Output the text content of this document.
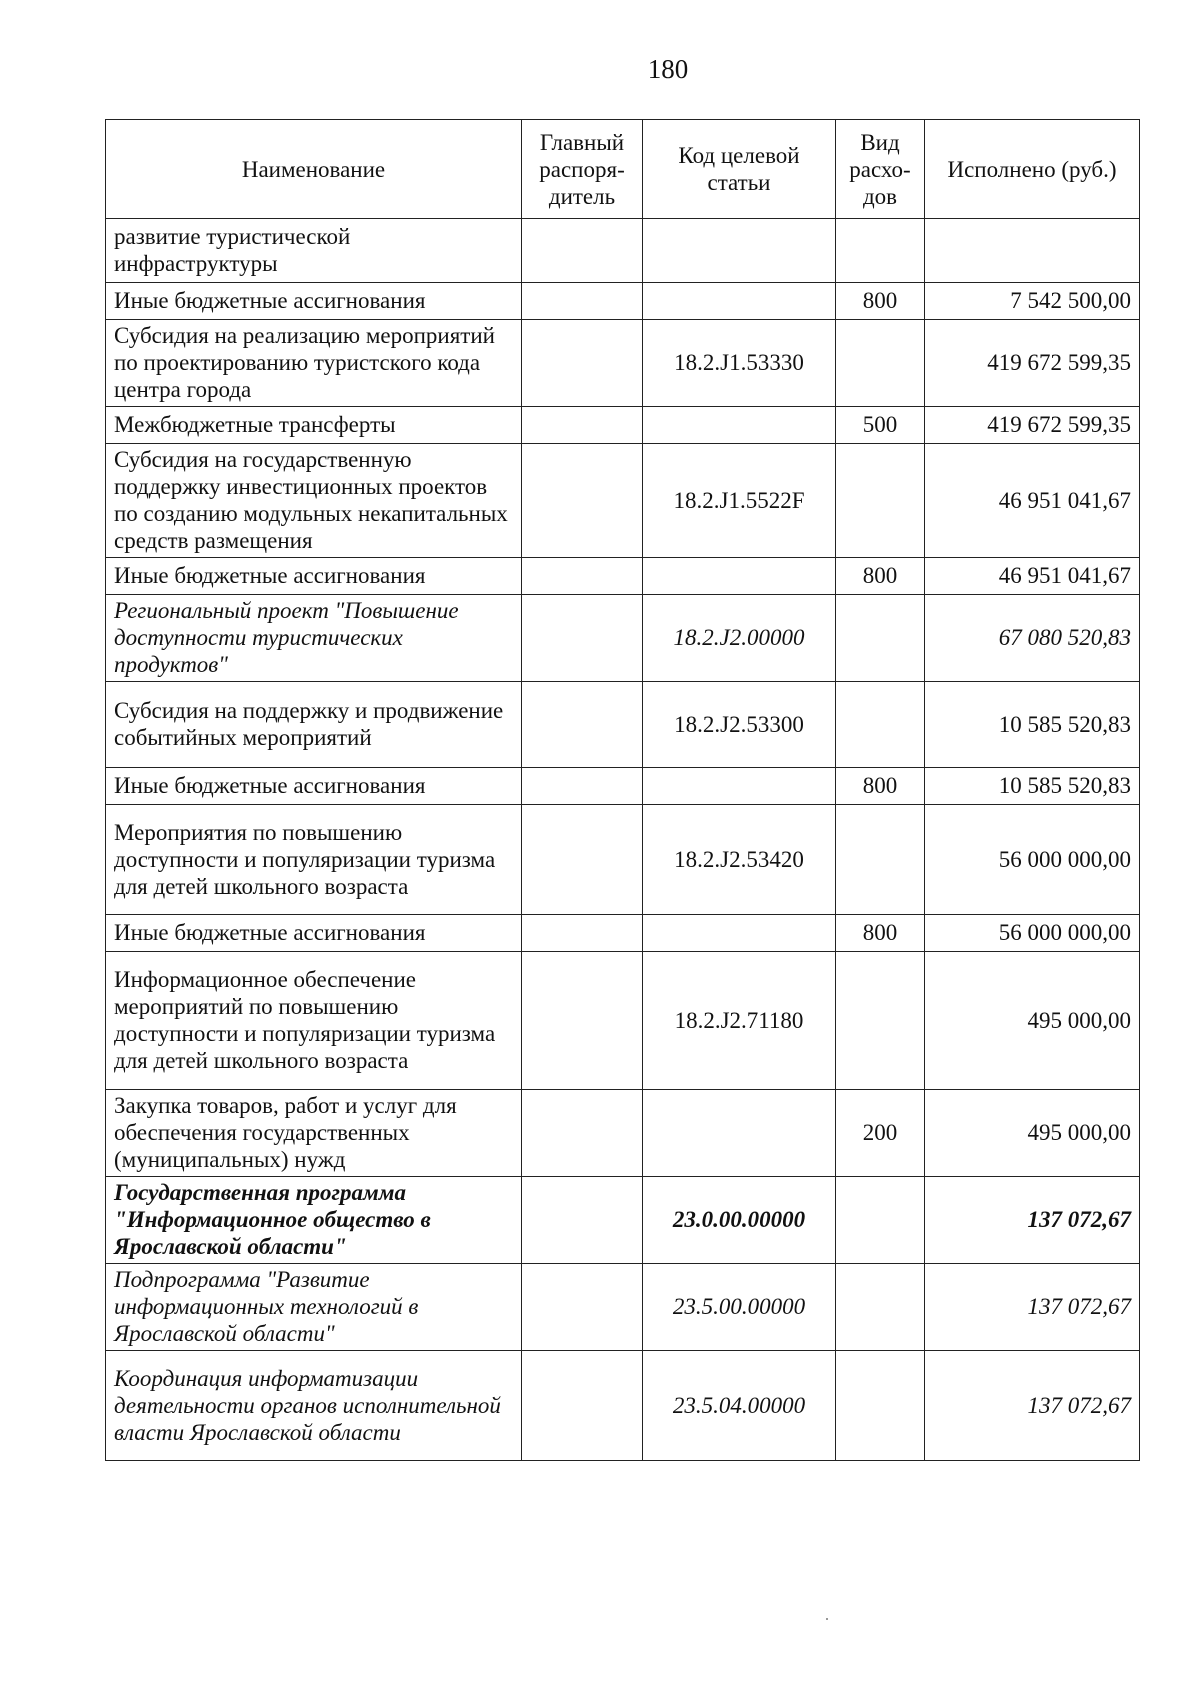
180
Наименование	Главный распоря-дитель	Код целевой статьи	Вид расхо-дов	Исполнено (руб.)
развитие туристической инфраструктуры				
Иные бюджетные ассигнования			800	7 542 500,00
Субсидия на реализацию мероприятий по проектированию туристского кода центра города		18.2.J1.53330		419 672 599,35
Межбюджетные трансферты			500	419 672 599,35
Субсидия на государственную поддержку инвестиционных проектов по созданию модульных некапитальных средств размещения		18.2.J1.5522F		46 951 041,67
Иные бюджетные ассигнования			800	46 951 041,67
Региональный проект "Повышение доступности туристических продуктов"		18.2.J2.00000		67 080 520,83
Субсидия на поддержку и продвижение событийных мероприятий		18.2.J2.53300		10 585 520,83
Иные бюджетные ассигнования			800	10 585 520,83
Мероприятия по повышению доступности и популяризации туризма для детей школьного возраста		18.2.J2.53420		56 000 000,00
Иные бюджетные ассигнования			800	56 000 000,00
Информационное обеспечение мероприятий по повышению доступности и популяризации туризма для детей школьного возраста		18.2.J2.71180		495 000,00
Закупка товаров, работ и услуг для обеспечения государственных (муниципальных) нужд			200	495 000,00
Государственная программа "Информационное общество в Ярославской области"		23.0.00.00000		137 072,67
Подпрограмма "Развитие информационных технологий в Ярославской области"		23.5.00.00000		137 072,67
Координация информатизации деятельности органов исполнительной власти Ярославской области		23.5.04.00000		137 072,67
